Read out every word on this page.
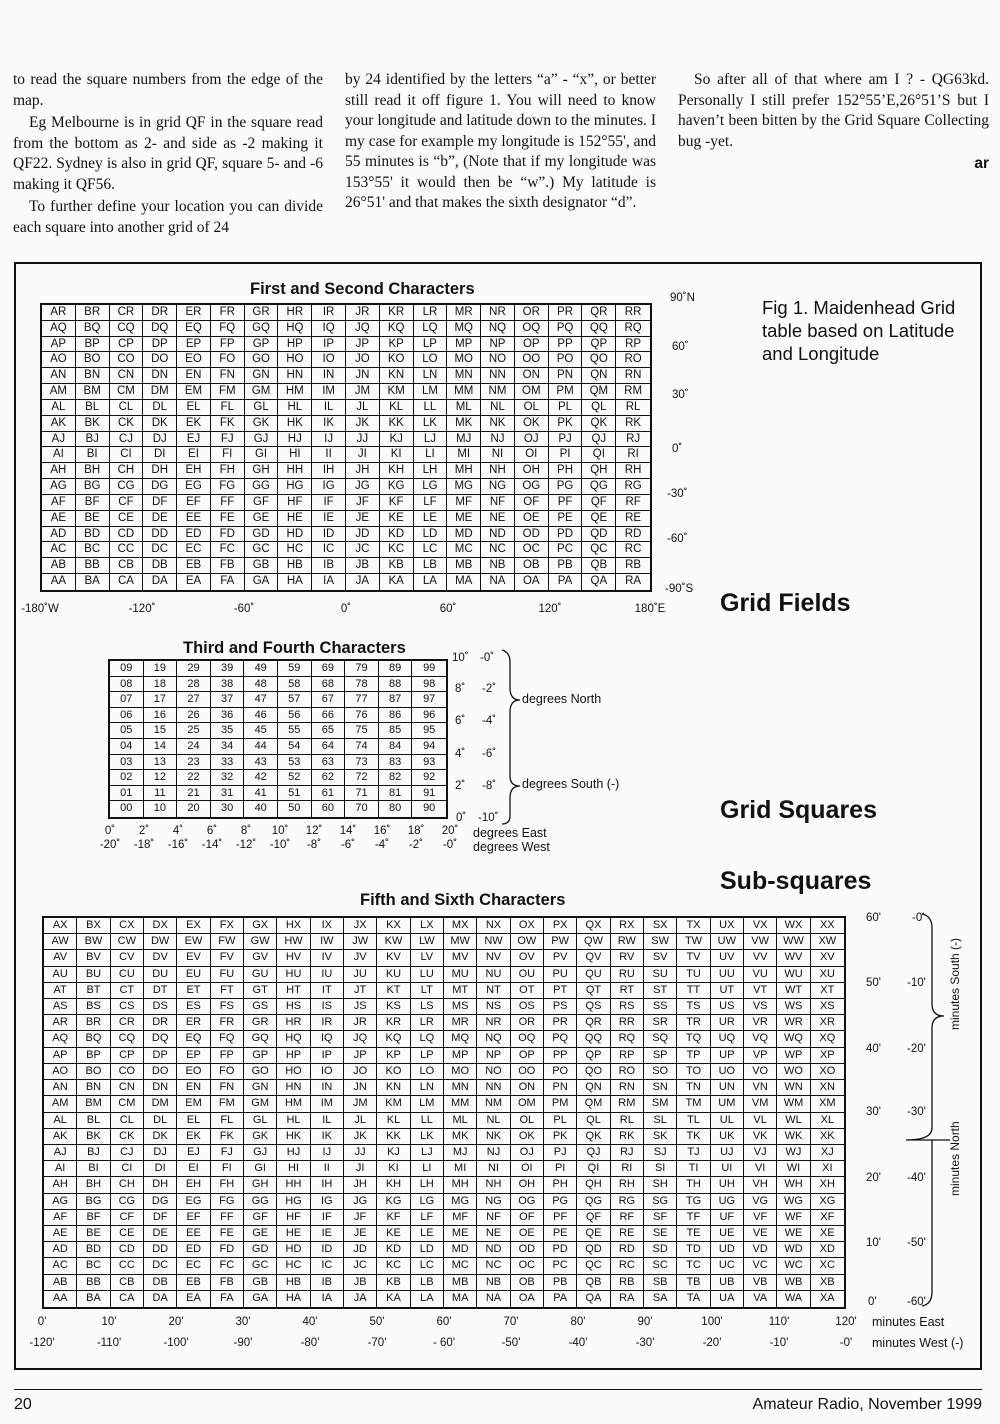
to read the square numbers from the edge of the map.

Eg Melbourne is in grid QF in the square read from the bottom as 2- and side as -2 making it QF22. Sydney is also in grid QF, square 5- and -6 making it QF56.

To further define your location you can divide each square into another grid of 24

by 24 identified by the letters “a” - “x”, or better still read it off figure 1. You will need to know your longitude and latitude down to the minutes. I my case for example my longitude is 152°55', and 55 minutes is “b”, (Note that if my longitude was 153°55' it would then be “w”.) My latitude is 26°51' and that makes the sixth designator “d”.

So after all of that where am I ? - QG63kd. Personally I still prefer 152°55’E,26°51’S but I haven’t been bitten by the Grid Square Collecting bug -yet.

ar
Fig 1. Maidenhead Grid table based on Latitude and Longitude
Grid Fields
Grid Squares
Sub-squares
First and Second Characters
AR	BR	CR	DR	ER	FR	GR	HR	IR	JR	KR	LR	MR	NR	OR	PR	QR	RR
AQ	BQ	CQ	DQ	EQ	FQ	GQ	HQ	IQ	JQ	KQ	LQ	MQ	NQ	OQ	PQ	QQ	RQ
AP	BP	CP	DP	EP	FP	GP	HP	IP	JP	KP	LP	MP	NP	OP	PP	QP	RP
AO	BO	CO	DO	EO	FO	GO	HO	IO	JO	KO	LO	MO	NO	OO	PO	QO	RO
AN	BN	CN	DN	EN	FN	GN	HN	IN	JN	KN	LN	MN	NN	ON	PN	QN	RN
AM	BM	CM	DM	EM	FM	GM	HM	IM	JM	KM	LM	MM	NM	OM	PM	QM	RM
AL	BL	CL	DL	EL	FL	GL	HL	IL	JL	KL	LL	ML	NL	OL	PL	QL	RL
AK	BK	CK	DK	EK	FK	GK	HK	IK	JK	KK	LK	MK	NK	OK	PK	QK	RK
AJ	BJ	CJ	DJ	EJ	FJ	GJ	HJ	IJ	JJ	KJ	LJ	MJ	NJ	OJ	PJ	QJ	RJ
AI	BI	CI	DI	EI	FI	GI	HI	II	JI	KI	LI	MI	NI	OI	PI	QI	RI
AH	BH	CH	DH	EH	FH	GH	HH	IH	JH	KH	LH	MH	NH	OH	PH	QH	RH
AG	BG	CG	DG	EG	FG	GG	HG	IG	JG	KG	LG	MG	NG	OG	PG	QG	RG
AF	BF	CF	DF	EF	FF	GF	HF	IF	JF	KF	LF	MF	NF	OF	PF	QF	RF
AE	BE	CE	DE	EE	FE	GE	HE	IE	JE	KE	LE	ME	NE	OE	PE	QE	RE
AD	BD	CD	DD	ED	FD	GD	HD	ID	JD	KD	LD	MD	ND	OD	PD	QD	RD
AC	BC	CC	DC	EC	FC	GC	HC	IC	JC	KC	LC	MC	NC	OC	PC	QC	RC
AB	BB	CB	DB	EB	FB	GB	HB	IB	JB	KB	LB	MB	NB	OB	PB	QB	RB
AA	BA	CA	DA	EA	FA	GA	HA	IA	JA	KA	LA	MA	NA	OA	PA	QA	RA
90˚N
60˚
30˚
0˚
-30˚
-60˚
-90˚S
-180˚W	-120˚	-60˚	0˚	60˚	120˚	180˚E
Third and Fourth Characters
09	19	29	39	49	59	69	79	89	99
08	18	28	38	48	58	68	78	88	98
07	17	27	37	47	57	67	77	87	97
06	16	26	36	46	56	66	76	86	96
05	15	25	35	45	55	65	75	85	95
04	14	24	34	44	54	64	74	84	94
03	13	23	33	43	53	63	73	83	93
02	12	22	32	42	52	62	72	82	92
01	11	21	31	41	51	61	71	81	91
00	10	20	30	40	50	60	70	80	90
10˚
8˚
6˚
4˚
2˚
0˚
-0˚
-2˚
-4˚
-6˚
-8˚
-10˚
0˚ 2˚ 4˚ 6˚ 8˚ 10˚ 12˚ 14˚ 16˚ 18˚ 20˚
-20˚ -18˚ -16˚ -14˚ -12˚ -10˚ -8˚ -6˚ -4˚ -2˚ -0˚
degrees North
degrees South (-)
degrees East
degrees West
Fifth and Sixth Characters
AX	BX	CX	DX	EX	FX	GX	HX	IX	JX	KX	LX	MX	NX	OX	PX	QX	RX	SX	TX	UX	VX	WX	XX
AW	BW	CW	DW	EW	FW	GW	HW	IW	JW	KW	LW	MW	NW	OW	PW	QW	RW	SW	TW	UW	VW	WW	XW
AV	BV	CV	DV	EV	FV	GV	HV	IV	JV	KV	LV	MV	NV	OV	PV	QV	RV	SV	TV	UV	VV	WV	XV
AU	BU	CU	DU	EU	FU	GU	HU	IU	JU	KU	LU	MU	NU	OU	PU	QU	RU	SU	TU	UU	VU	WU	XU
AT	BT	CT	DT	ET	FT	GT	HT	IT	JT	KT	LT	MT	NT	OT	PT	QT	RT	ST	TT	UT	VT	WT	XT
AS	BS	CS	DS	ES	FS	GS	HS	IS	JS	KS	LS	MS	NS	OS	PS	QS	RS	SS	TS	US	VS	WS	XS
AR	BR	CR	DR	ER	FR	GR	HR	IR	JR	KR	LR	MR	NR	OR	PR	QR	RR	SR	TR	UR	VR	WR	XR
AQ	BQ	CQ	DQ	EQ	FQ	GQ	HQ	IQ	JQ	KQ	LQ	MQ	NQ	OQ	PQ	QQ	RQ	SQ	TQ	UQ	VQ	WQ	XQ
AP	BP	CP	DP	EP	FP	GP	HP	IP	JP	KP	LP	MP	NP	OP	PP	QP	RP	SP	TP	UP	VP	WP	XP
AO	BO	CO	DO	EO	FO	GO	HO	IO	JO	KO	LO	MO	NO	OO	PO	QO	RO	SO	TO	UO	VO	WO	XO
AN	BN	CN	DN	EN	FN	GN	HN	IN	JN	KN	LN	MN	NN	ON	PN	QN	RN	SN	TN	UN	VN	WN	XN
AM	BM	CM	DM	EM	FM	GM	HM	IM	JM	KM	LM	MM	NM	OM	PM	QM	RM	SM	TM	UM	VM	WM	XM
AL	BL	CL	DL	EL	FL	GL	HL	IL	JL	KL	LL	ML	NL	OL	PL	QL	RL	SL	TL	UL	VL	WL	XL
AK	BK	CK	DK	EK	FK	GK	HK	IK	JK	KK	LK	MK	NK	OK	PK	QK	RK	SK	TK	UK	VK	WK	XK
AJ	BJ	CJ	DJ	EJ	FJ	GJ	HJ	IJ	JJ	KJ	LJ	MJ	NJ	OJ	PJ	QJ	RJ	SJ	TJ	UJ	VJ	WJ	XJ
AI	BI	CI	DI	EI	FI	GI	HI	II	JI	KI	LI	MI	NI	OI	PI	QI	RI	SI	TI	UI	VI	WI	XI
AH	BH	CH	DH	EH	FH	GH	HH	IH	JH	KH	LH	MH	NH	OH	PH	QH	RH	SH	TH	UH	VH	WH	XH
AG	BG	CG	DG	EG	FG	GG	HG	IG	JG	KG	LG	MG	NG	OG	PG	QG	RG	SG	TG	UG	VG	WG	XG
AF	BF	CF	DF	EF	FF	GF	HF	IF	JF	KF	LF	MF	NF	OF	PF	QF	RF	SF	TF	UF	VF	WF	XF
AE	BE	CE	DE	EE	FE	GE	HE	IE	JE	KE	LE	ME	NE	OE	PE	QE	RE	SE	TE	UE	VE	WE	XE
AD	BD	CD	DD	ED	FD	GD	HD	ID	JD	KD	LD	MD	ND	OD	PD	QD	RD	SD	TD	UD	VD	WD	XD
AC	BC	CC	DC	EC	FC	GC	HC	IC	JC	KC	LC	MC	NC	OC	PC	QC	RC	SC	TC	UC	VC	WC	XC
AB	BB	CB	DB	EB	FB	GB	HB	IB	JB	KB	LB	MB	NB	OB	PB	QB	RB	SB	TB	UB	VB	WB	XB
AA	BA	CA	DA	EA	FA	GA	HA	IA	JA	KA	LA	MA	NA	OA	PA	QA	RA	SA	TA	UA	VA	WA	XA
60'
50'
40'
30'
20'
10'
0'
-0'
-10'
-20'
-30'
-40'
-50'
-60'
0'	10'	20'	30'	40'	50'	60'	70'	80'	90'	100'	110'	120'
-120'	-110'	-100'	-90'	-80'	-70'	- 60'	-50'	-40'	-30'	-20'	-10'	-0'
minutes South (-)
minutes North
minutes East
minutes West (-)
20	Amateur Radio, November 1999
